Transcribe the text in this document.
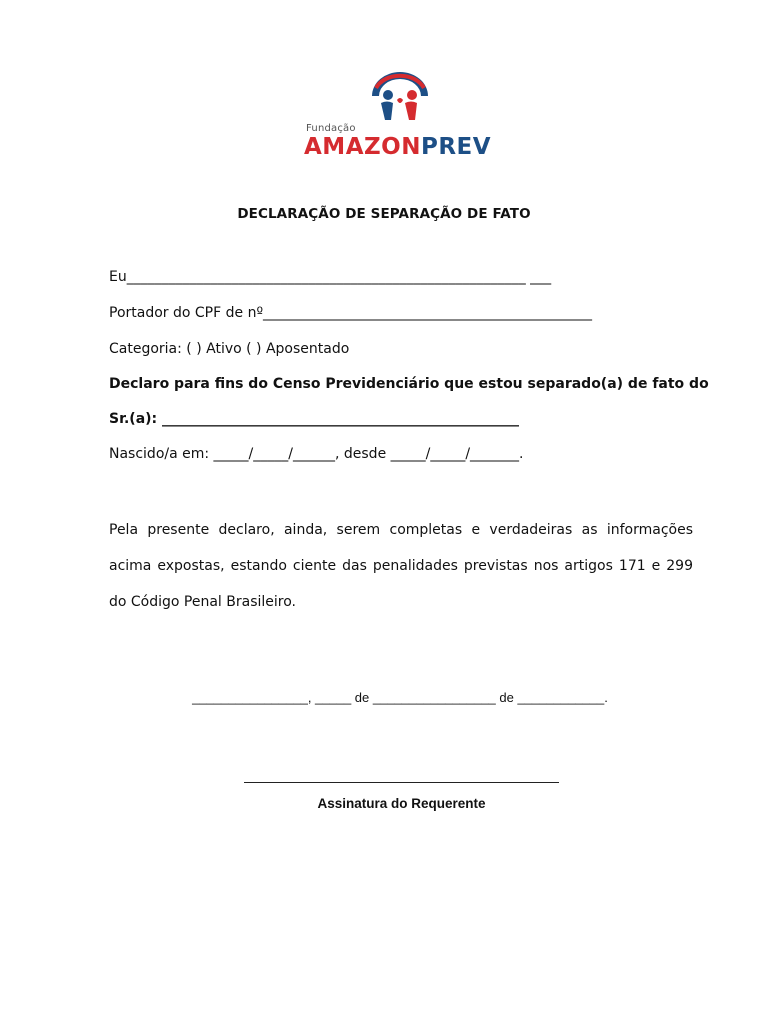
Fundação
AMAZONPREV
DECLARAÇÃO DE SEPARAÇÃO DE FATO
Eu_________________________________________________________ ___
Portador do CPF de nº_______________________________________________
Categoria: ( ) Ativo ( ) Aposentado
Declaro para fins do Censo Previdenciário que estou separado(a) de fato do
Sr.(a): ___________________________________________________
Nascido/a em: _____/_____/______, desde _____/_____/_______.
Pela presente declaro, ainda, serem completas e verdadeiras as informações acima expostas, estando ciente das penalidades previstas nos artigos 171 e 299 do Código Penal Brasileiro.
________________, _____ de _________________ de ____________.
Assinatura do Requerente
